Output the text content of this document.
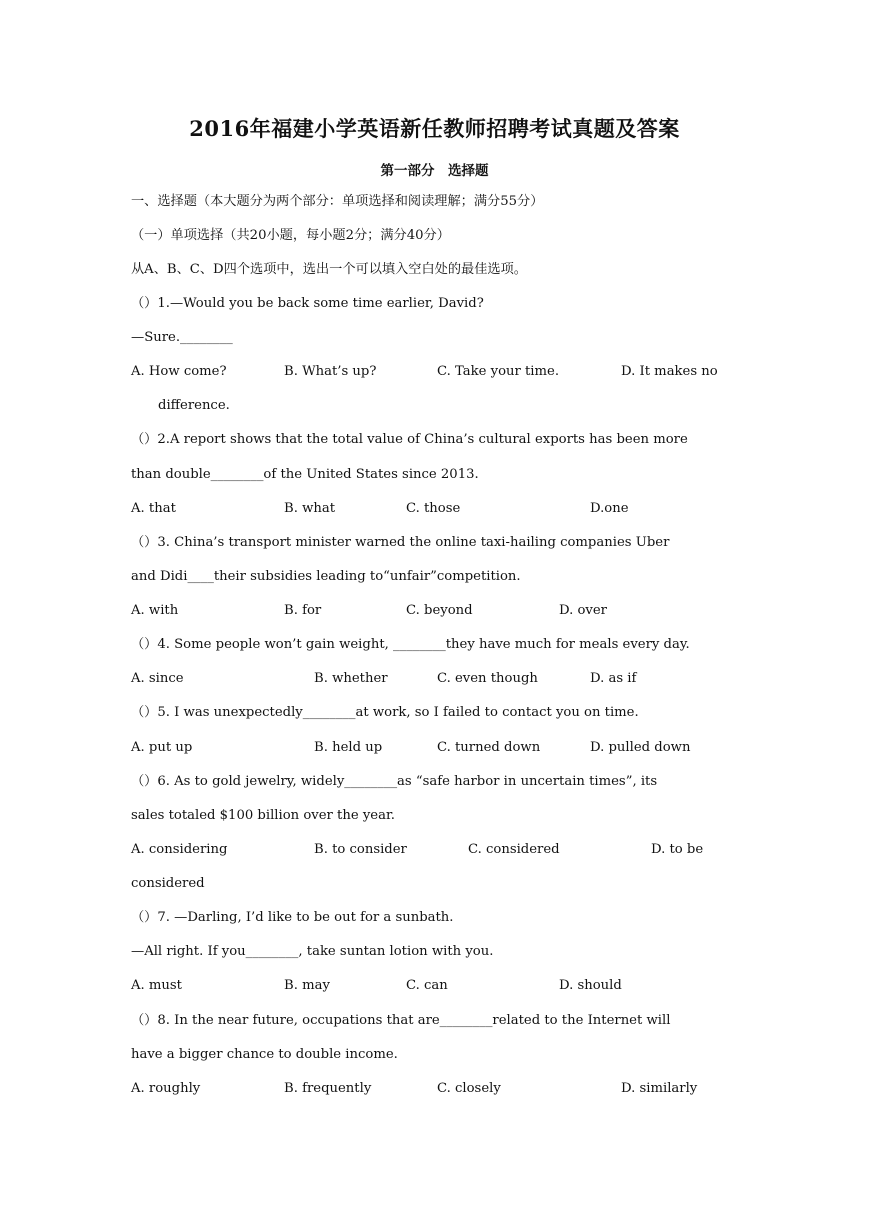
2016年福建小学英语新任教师招聘考试真题及答案
第一部分　选择题
一、选择题（本大题分为两个部分：单项选择和阅读理解；满分55分）
（一）单项选择（共20小题，每小题2分；满分40分）
从A、B、C、D四个选项中，选出一个可以填入空白处的最佳选项。
（）1.—Would you be back some time earlier, David?
—Sure.________
A. How come?	B. What’s up?	C. Take your time.	D. It makes no
difference.
（）2.A report shows that the total value of China’s cultural exports has been more
than double________of the United States since 2013.
A. that	B. what	C. those	D.one
（）3. China’s transport minister warned the online taxi-hailing companies Uber
and Didi____their subsidies leading to“unfair”competition.
A. with	B. for	C. beyond	D. over
（）4. Some people won’t gain weight, ________they have much for meals every day.
A. since	B. whether	C. even though	D. as if
（）5. I was unexpectedly________at work, so I failed to contact you on time.
A. put up	B. held up	C. turned down	D. pulled down
（）6. As to gold jewelry, widely________as “safe harbor in uncertain times”, its
sales totaled $100 billion over the year.
A. considering	B. to consider	C. considered	D. to be
considered
（）7. —Darling, I’d like to be out for a sunbath.
—All right. If you________, take suntan lotion with you.
A. must	B. may	C. can	D. should
（）8. In the near future, occupations that are________related to the Internet will
have a bigger chance to double income.
A. roughly	B. frequently	C. closely	D. similarly
